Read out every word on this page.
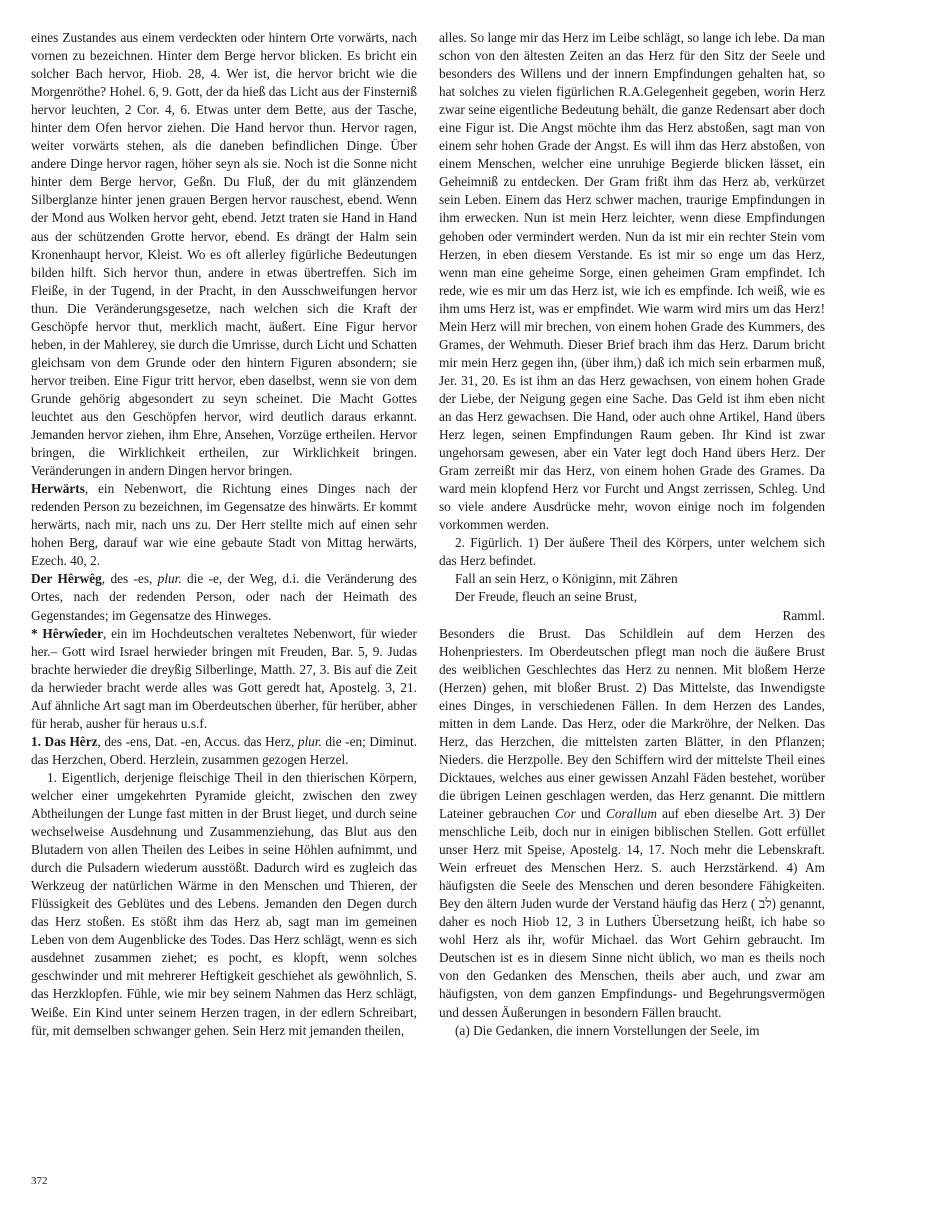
eines Zustandes aus einem verdeckten oder hintern Orte vorwärts, nach vornen zu bezeichnen. Hinter dem Berge hervor blicken. Es bricht ein solcher Bach hervor, Hiob. 28, 4. Wer ist, die hervor bricht wie die Morgenröthe? Hohel. 6, 9. Gott, der da hieß das Licht aus der Finsterniß hervor leuchten, 2 Cor. 4, 6. Etwas unter dem Bette, aus der Tasche, hinter dem Ofen hervor ziehen. Die Hand hervor thun. Hervor ragen, weiter vorwärts stehen, als die daneben befindlichen Dinge. Über andere Dinge hervor ragen, höher seyn als sie. Noch ist die Sonne nicht hinter dem Berge hervor, Geßn. Du Fluß, der du mit glänzendem Silberglanze hinter jenen grauen Bergen hervor rauschest, ebend. Wenn der Mond aus Wolken hervor geht, ebend. Jetzt traten sie Hand in Hand aus der schützenden Grotte hervor, ebend. Es drängt der Halm sein Kronenhaupt hervor, Kleist. Wo es oft allerley figürliche Bedeutungen bilden hilft. Sich hervor thun, andere in etwas übertreffen. Sich im Fleiße, in der Tugend, in der Pracht, in den Ausschweifungen hervor thun. Die Veränderungsgesetze, nach welchen sich die Kraft der Geschöpfe hervor thut, merklich macht, äußert. Eine Figur hervor heben, in der Mahlerey, sie durch die Umrisse, durch Licht und Schatten gleichsam von dem Grunde oder den hintern Figuren absondern; sie hervor treiben. Eine Figur tritt hervor, eben daselbst, wenn sie von dem Grunde gehörig abgesondert zu seyn scheinet. Die Macht Gottes leuchtet aus den Geschöpfen hervor, wird deutlich daraus erkannt. Jemanden hervor ziehen, ihm Ehre, Ansehen, Vorzüge ertheilen. Hervor bringen, die Wirklichkeit ertheilen, zur Wirklichkeit bringen. Veränderungen in andern Dingen hervor bringen.

Herwärts, ein Nebenwort, die Richtung eines Dinges nach der redenden Person zu bezeichnen, im Gegensatze des hinwärts. Er kommt herwärts, nach mir, nach uns zu. Der Herr stellte mich auf einen sehr hohen Berg, darauf war wie eine gebaute Stadt von Mittag herwärts, Ezech. 40, 2.

Der Hêrwêg, des -es, plur. die -e, der Weg, d.i. die Veränderung des Ortes, nach der redenden Person, oder nach der Heimath des Gegenstandes; im Gegensatze des Hinweges.

* Hêrwîeder, ein im Hochdeutschen veraltetes Nebenwort, für wieder her.– Gott wird Israel herwieder bringen mit Freuden, Bar. 5, 9. Judas brachte herwieder die dreyßig Silberlinge, Matth. 27, 3. Bis auf die Zeit da herwieder bracht werde alles was Gott geredt hat, Apostelg. 3, 21. Auf ähnliche Art sagt man im Oberdeutschen überher, für herüber, abher für herab, ausher für heraus u.s.f.

1. Das Hêrz, des -ens, Dat. -en, Accus. das Herz, plur. die -en; Diminut. das Herzchen, Oberd. Herzlein, zusammen gezogen Herzel.

1. Eigentlich, derjenige fleischige Theil in den thierischen Körpern, welcher einer umgekehrten Pyramide gleicht, zwischen den zwey Abtheilungen der Lunge fast mitten in der Brust lieget, und durch seine wechselweise Ausdehnung und Zusammenziehung, das Blut aus den Blutadern von allen Theilen des Leibes in seine Höhlen aufnimmt, und durch die Pulsadern wiederum ausstößt. Dadurch wird es zugleich das Werkzeug der natürlichen Wärme in den Menschen und Thieren, der Flüssigkeit des Geblütes und des Lebens. Jemanden den Degen durch das Herz stoßen. Es stößt ihm das Herz ab, sagt man im gemeinen Leben von dem Augenblicke des Todes. Das Herz schlägt, wenn es sich ausdehnet zusammen ziehet; es pocht, es klopft, wenn solches geschwinder und mit mehrerer Heftigkeit geschiehet als gewöhnlich, S. das Herzklopfen. Fühle, wie mir bey seinem Nahmen das Herz schlägt, Weiße. Ein Kind unter seinem Herzen tragen, in der edlern Schreibart, für, mit demselben schwanger gehen. Sein Herz mit jemanden theilen,

alles. So lange mir das Herz im Leibe schlägt, so lange ich lebe. Da man schon von den ältesten Zeiten an das Herz für den Sitz der Seele und besonders des Willens und der innern Empfindungen gehalten hat, so hat solches zu vielen figürlichen R.A.Gelegenheit gegeben, worin Herz zwar seine eigentliche Bedeutung behält, die ganze Redensart aber doch eine Figur ist. Die Angst möchte ihm das Herz abstoßen, sagt man von einem sehr hohen Grade der Angst. Es will ihm das Herz abstoßen, von einem Menschen, welcher eine unruhige Begierde blicken lässet, ein Geheimniß zu entdecken. Der Gram frißt ihm das Herz ab, verkürzet sein Leben. Einem das Herz schwer machen, traurige Empfindungen in ihm erwecken. Nun ist mein Herz leichter, wenn diese Empfindungen gehoben oder vermindert werden. Nun da ist mir ein rechter Stein vom Herzen, in eben diesem Verstande. Es ist mir so enge um das Herz, wenn man eine geheime Sorge, einen geheimen Gram empfindet. Ich rede, wie es mir um das Herz ist, wie ich es empfinde. Ich weiß, wie es ihm ums Herz ist, was er empfindet. Wie warm wird mirs um das Herz! Mein Herz will mir brechen, von einem hohen Grade des Kummers, des Grames, der Wehmuth. Dieser Brief brach ihm das Herz. Darum bricht mir mein Herz gegen ihn, (über ihm,) daß ich mich sein erbarmen muß, Jer. 31, 20. Es ist ihm an das Herz gewachsen, von einem hohen Grade der Liebe, der Neigung gegen eine Sache. Das Geld ist ihm eben nicht an das Herz gewachsen. Die Hand, oder auch ohne Artikel, Hand übers Herz legen, seinen Empfindungen Raum geben. Ihr Kind ist zwar ungehorsam gewesen, aber ein Vater legt doch Hand übers Herz. Der Gram zerreißt mir das Herz, von einem hohen Grade des Grames. Da ward mein klopfend Herz vor Furcht und Angst zerrissen, Schleg. Und so viele andere Ausdrücke mehr, wovon einige noch im folgenden vorkommen werden.

2. Figürlich. 1) Der äußere Theil des Körpers, unter welchem sich das Herz befindet.

Fall an sein Herz, o Königinn, mit Zähren

Der Freude, fleuch an seine Brust,

Ramml.

Besonders die Brust. Das Schildlein auf dem Herzen des Hohenpriesters. Im Oberdeutschen pflegt man noch die äußere Brust des weiblichen Geschlechtes das Herz zu nennen. Mit bloßem Herze (Herzen) gehen, mit bloßer Brust. 2) Das Mittelste, das Inwendigste eines Dinges, in verschiedenen Fällen. In dem Herzen des Landes, mitten in dem Lande. Das Herz, oder die Markröhre, der Nelken. Das Herz, das Herzchen, die mittelsten zarten Blätter, in den Pflanzen; Nieders. die Herzpolle. Bey den Schiffern wird der mittelste Theil eines Dicktaues, welches aus einer gewissen Anzahl Fäden bestehet, worüber die übrigen Leinen geschlagen werden, das Herz genannt. Die mittlern Lateiner gebrauchen Cor und Corallum auf eben dieselbe Art. 3) Der menschliche Leib, doch nur in einigen biblischen Stellen. Gott erfüllet unser Herz mit Speise, Apostelg. 14, 17. Noch mehr die Lebenskraft. Wein erfreuet des Menschen Herz. S. auch Herzstärkend. 4) Am häufigsten die Seele des Menschen und deren besondere Fähigkeiten. Bey den ältern Juden wurde der Verstand häufig das Herz ( לב) genannt, daher es noch Hiob 12, 3 in Luthers Übersetzung heißt, ich habe so wohl Herz als ihr, wofür Michael. das Wort Gehirn gebraucht. Im Deutschen ist es in diesem Sinne nicht üblich, wo man es theils noch von den Gedanken des Menschen, theils aber auch, und zwar am häufigsten, von dem ganzen Empfindungs- und Begehrungsvermögen und dessen Äußerungen in besondern Fällen braucht.

(a) Die Gedanken, die innern Vorstellungen der Seele, im

372
